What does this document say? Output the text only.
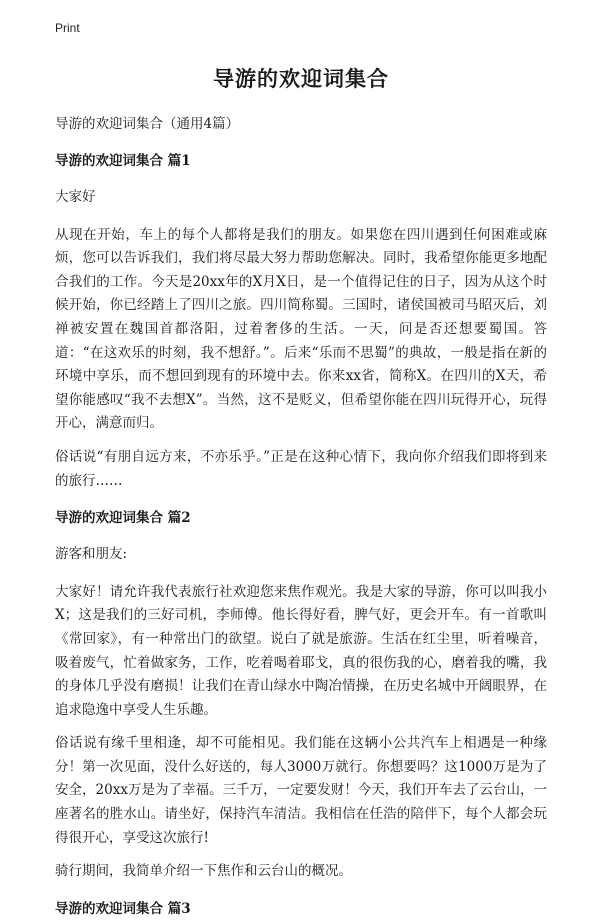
Print

导游的欢迎词集合

导游的欢迎词集合（通用4篇）

导游的欢迎词集合 篇1

大家好

从现在开始，车上的每个人都将是我们的朋友。如果您在四川遇到任何困难或麻烦，您可以告诉我们，我们将尽最大努力帮助您解决。同时，我希望你能更多地配合我们的工作。今天是20xx年的X月X日，是一个值得记住的日子，因为从这个时候开始，你已经踏上了四川之旅。四川简称蜀。三国时，诸侯国被司马昭灭后，刘禅被安置在魏国首都洛阳，过着奢侈的生活。一天，问是否还想要蜀国。答道：“在这欢乐的时刻，我不想舒。”。后来“乐而不思蜀”的典故，一般是指在新的环境中享乐，而不想回到现有的环境中去。你来xx省，简称X。在四川的X天，希望你能感叹“我不去想X”。当然，这不是贬义，但希望你能在四川玩得开心，玩得开心，满意而归。

俗话说“有朋自远方来，不亦乐乎。”正是在这种心情下，我向你介绍我们即将到来的旅行……

导游的欢迎词集合 篇2

游客和朋友:

大家好！请允许我代表旅行社欢迎您来焦作观光。我是大家的导游，你可以叫我小X；这是我们的三好司机，李师傅。他长得好看，脾气好，更会开车。有一首歌叫《常回家》，有一种常出门的欲望。说白了就是旅游。生活在红尘里，听着噪音，吸着废气，忙着做家务，工作，吃着喝着耶戈，真的很伤我的心，磨着我的嘴，我的身体几乎没有磨损！让我们在青山绿水中陶冶情操，在历史名城中开阔眼界，在追求隐逸中享受人生乐趣。

俗话说有缘千里相逢，却不可能相见。我们能在这辆小公共汽车上相遇是一种缘分！第一次见面，没什么好送的，每人3000万就行。你想要吗？这1000万是为了安全，20xx万是为了幸福。三千万，一定要发财！今天，我们开车去了云台山，一座著名的胜水山。请坐好，保持汽车清洁。我相信在任浩的陪伴下，每个人都会玩得很开心，享受这次旅行!

骑行期间，我简单介绍一下焦作和云台山的概况。

导游的欢迎词集合 篇3
